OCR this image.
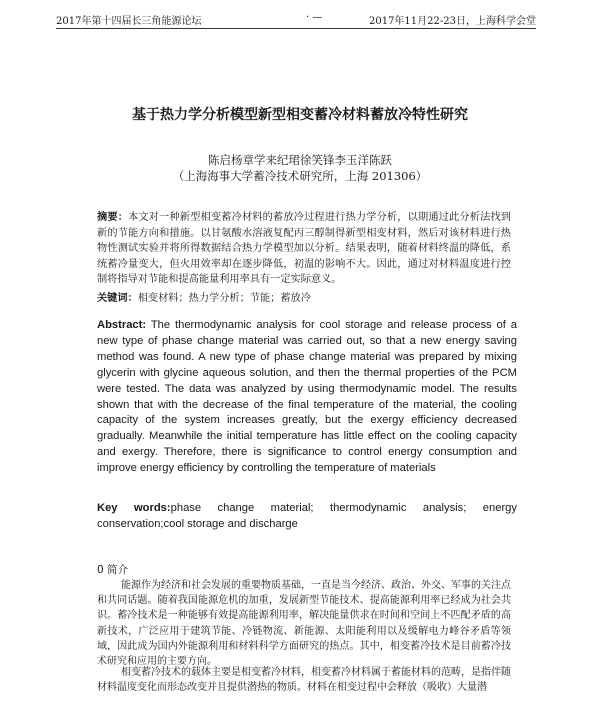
2017年第十四届长三角能源论坛	· —	2017年11月22-23日，上海科学会堂
基于热力学分析模型新型相变蓄冷材料蓄放冷特性研究
陈启杨章学来纪珺徐笑锋李玉洋陈跃
（上海海事大学蓄冷技术研究所，上海 201306）
摘要：本文对一种新型相变蓄冷材料的蓄放冷过程进行热力学分析，以期通过此分析法找到新的节能方向和措施。以甘氨酸水溶液复配丙三醇制得新型相变材料，然后对该材料进行热物性测试实验并将所得数据结合热力学模型加以分析。结果表明，随着材料终温的降低，系统蓄冷量变大，但火用效率却在逐步降低，初温的影响不大。因此，通过对材料温度进行控制将指导对节能和提高能量利用率具有一定实际意义。
关键词：相变材料；热力学分析；节能；蓄放冷
Abstract: The thermodynamic analysis for cool storage and release process of a new type of phase change material was carried out, so that a new energy saving method was found. A new type of phase change material was prepared by mixing glycerin with glycine aqueous solution, and then the thermal properties of the PCM were tested. The data was analyzed by using thermodynamic model. The results shown that with the decrease of the final temperature of the material, the cooling capacity of the system increases greatly, but the exergy efficiency decreased gradually. Meanwhile the initial temperature has little effect on the cooling capacity and exergy. Therefore, there is significance to control energy consumption and improve energy efficiency by controlling the temperature of materials
Key words:phase change material; thermodynamic analysis; energy conservation;cool storage and discharge
0 简介
能源作为经济和社会发展的重要物质基础，一直是当今经济、政治、外交、军事的关注点和共同话题。随着我国能源危机的加重，发展新型节能技术、提高能源利用率已经成为社会共识。蓄冷技术是一种能够有效提高能源利用率，解决能量供求在时间和空间上不匹配矛盾的高新技术，广泛应用于建筑节能、冷链物流、新能源、太阳能利用以及缓解电力峰谷矛盾等领域，因此成为国内外能源利用和材料科学方面研究的热点。其中，相变蓄冷技术是目前蓄冷技术研究和应用的主要方向。
相变蓄冷技术的载体主要是相变蓄冷材料，相变蓄冷材料属于蓄能材料的范畴，是指伴随材料温度变化而形态改变并且提供潜热的物质。材料在相变过程中会释放（吸收）大量潜
